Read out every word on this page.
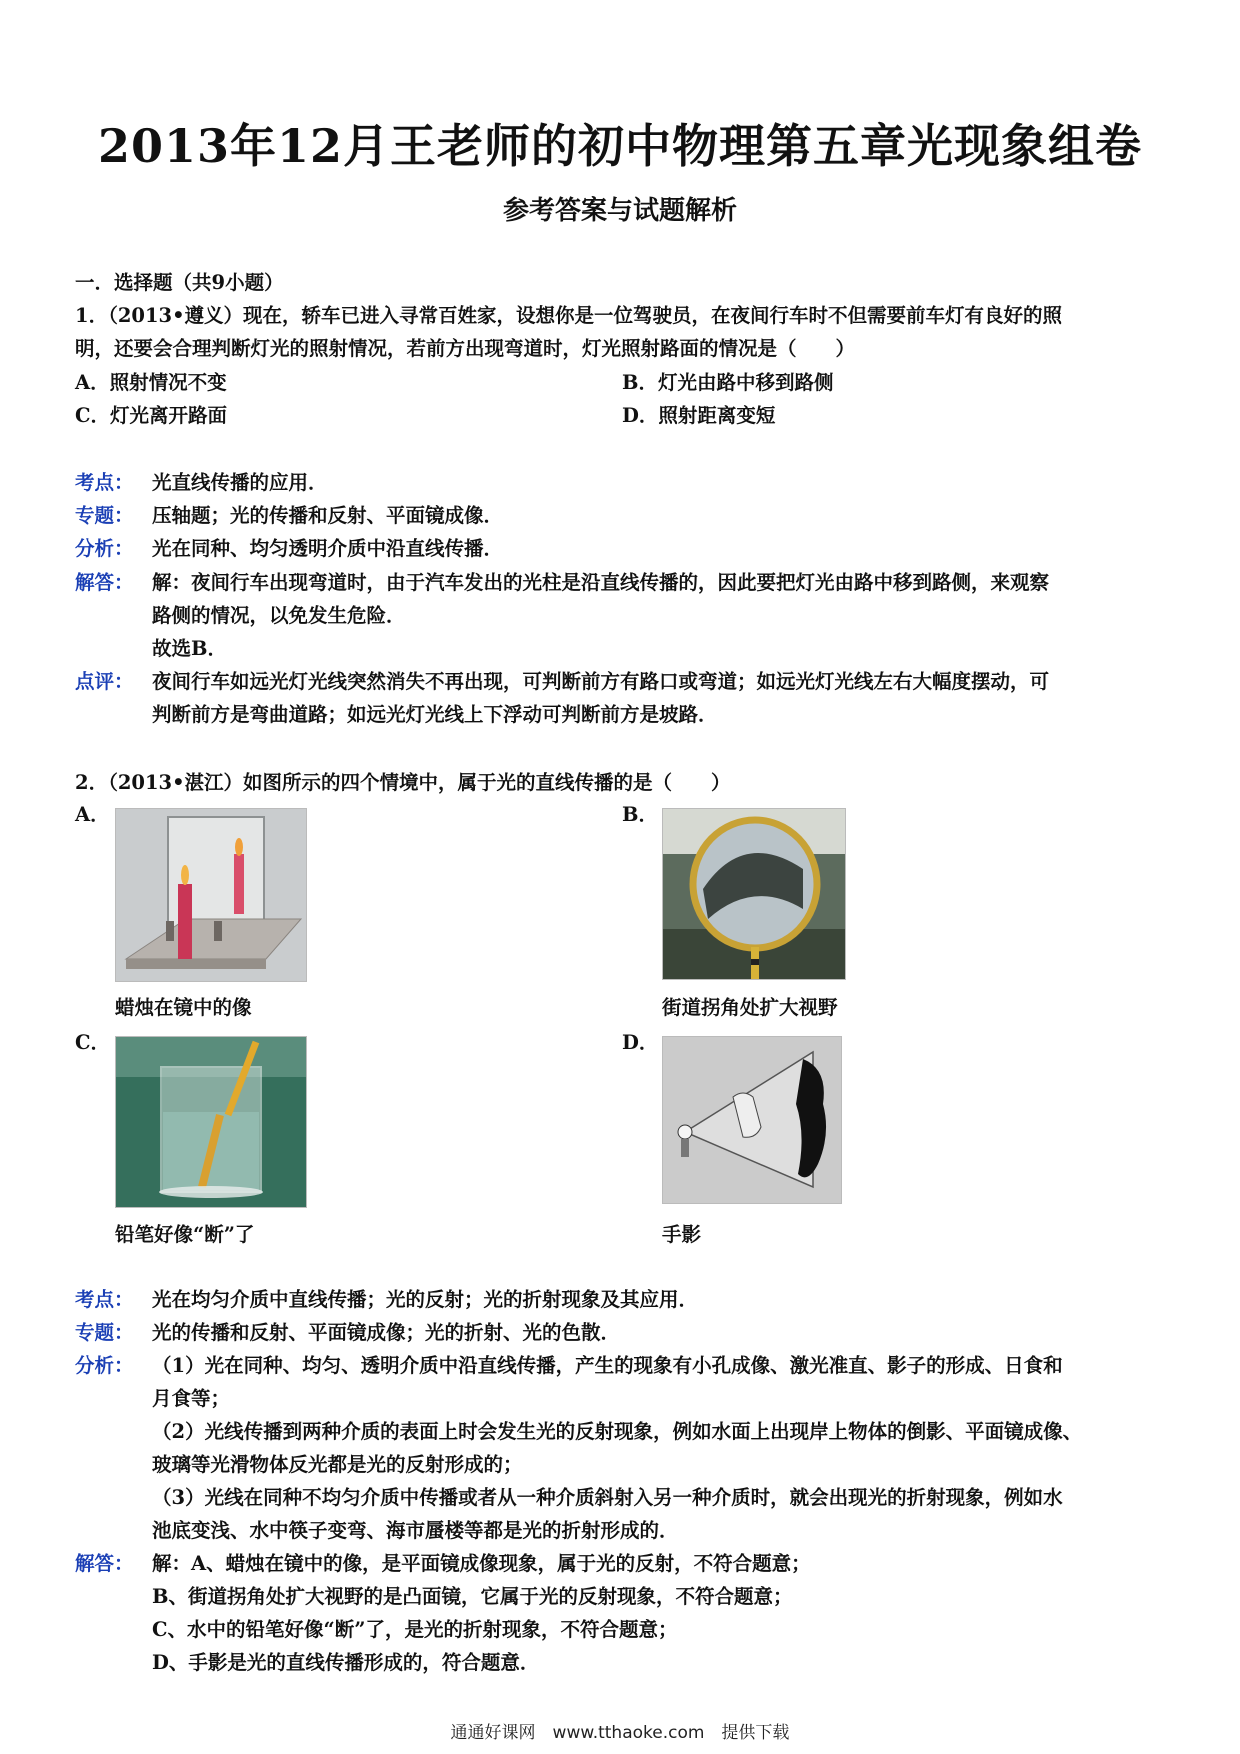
2013年12月王老师的初中物理第五章光现象组卷
参考答案与试题解析
一．选择题（共9小题）
1．（2013•遵义）现在，轿车已进入寻常百姓家，设想你是一位驾驶员，在夜间行车时不但需要前车灯有良好的照
明，还要会合理判断灯光的照射情况，若前方出现弯道时，灯光照射路面的情况是（　　）
A．照射情况不变	B．灯光由路中移到路侧
C．灯光离开路面	D．照射距离变短
考点： 光直线传播的应用．
专题： 压轴题；光的传播和反射、平面镜成像．
分析： 光在同种、均匀透明介质中沿直线传播．
解答： 解：夜间行车出现弯道时，由于汽车发出的光柱是沿直线传播的，因此要把灯光由路中移到路侧，来观察
路侧的情况，以免发生危险．
故选B．
点评： 夜间行车如远光灯光线突然消失不再出现，可判断前方有路口或弯道；如远光灯光线左右大幅度摆动，可
判断前方是弯曲道路；如远光灯光线上下浮动可判断前方是坡路．
2．（2013•湛江）如图所示的四个情境中，属于光的直线传播的是（　　）
A．	B．
蜡烛在镜中的像	街道拐角处扩大视野
C．	D．
铅笔好像“断”了	手影
考点： 光在均匀介质中直线传播；光的反射；光的折射现象及其应用．
专题： 光的传播和反射、平面镜成像；光的折射、光的色散．
分析： （1）光在同种、均匀、透明介质中沿直线传播，产生的现象有小孔成像、激光准直、影子的形成、日食和
月食等；
（2）光线传播到两种介质的表面上时会发生光的反射现象，例如水面上出现岸上物体的倒影、平面镜成像、
玻璃等光滑物体反光都是光的反射形成的；
（3）光线在同种不均匀介质中传播或者从一种介质斜射入另一种介质时，就会出现光的折射现象，例如水
池底变浅、水中筷子变弯、海市蜃楼等都是光的折射形成的．
解答： 解：A、蜡烛在镜中的像，是平面镜成像现象，属于光的反射，不符合题意；
B、街道拐角处扩大视野的是凸面镜，它属于光的反射现象，不符合题意；
C、水中的铅笔好像“断”了，是光的折射现象，不符合题意；
D、手影是光的直线传播形成的，符合题意．
通通好课网　www.tthaoke.com　提供下载
